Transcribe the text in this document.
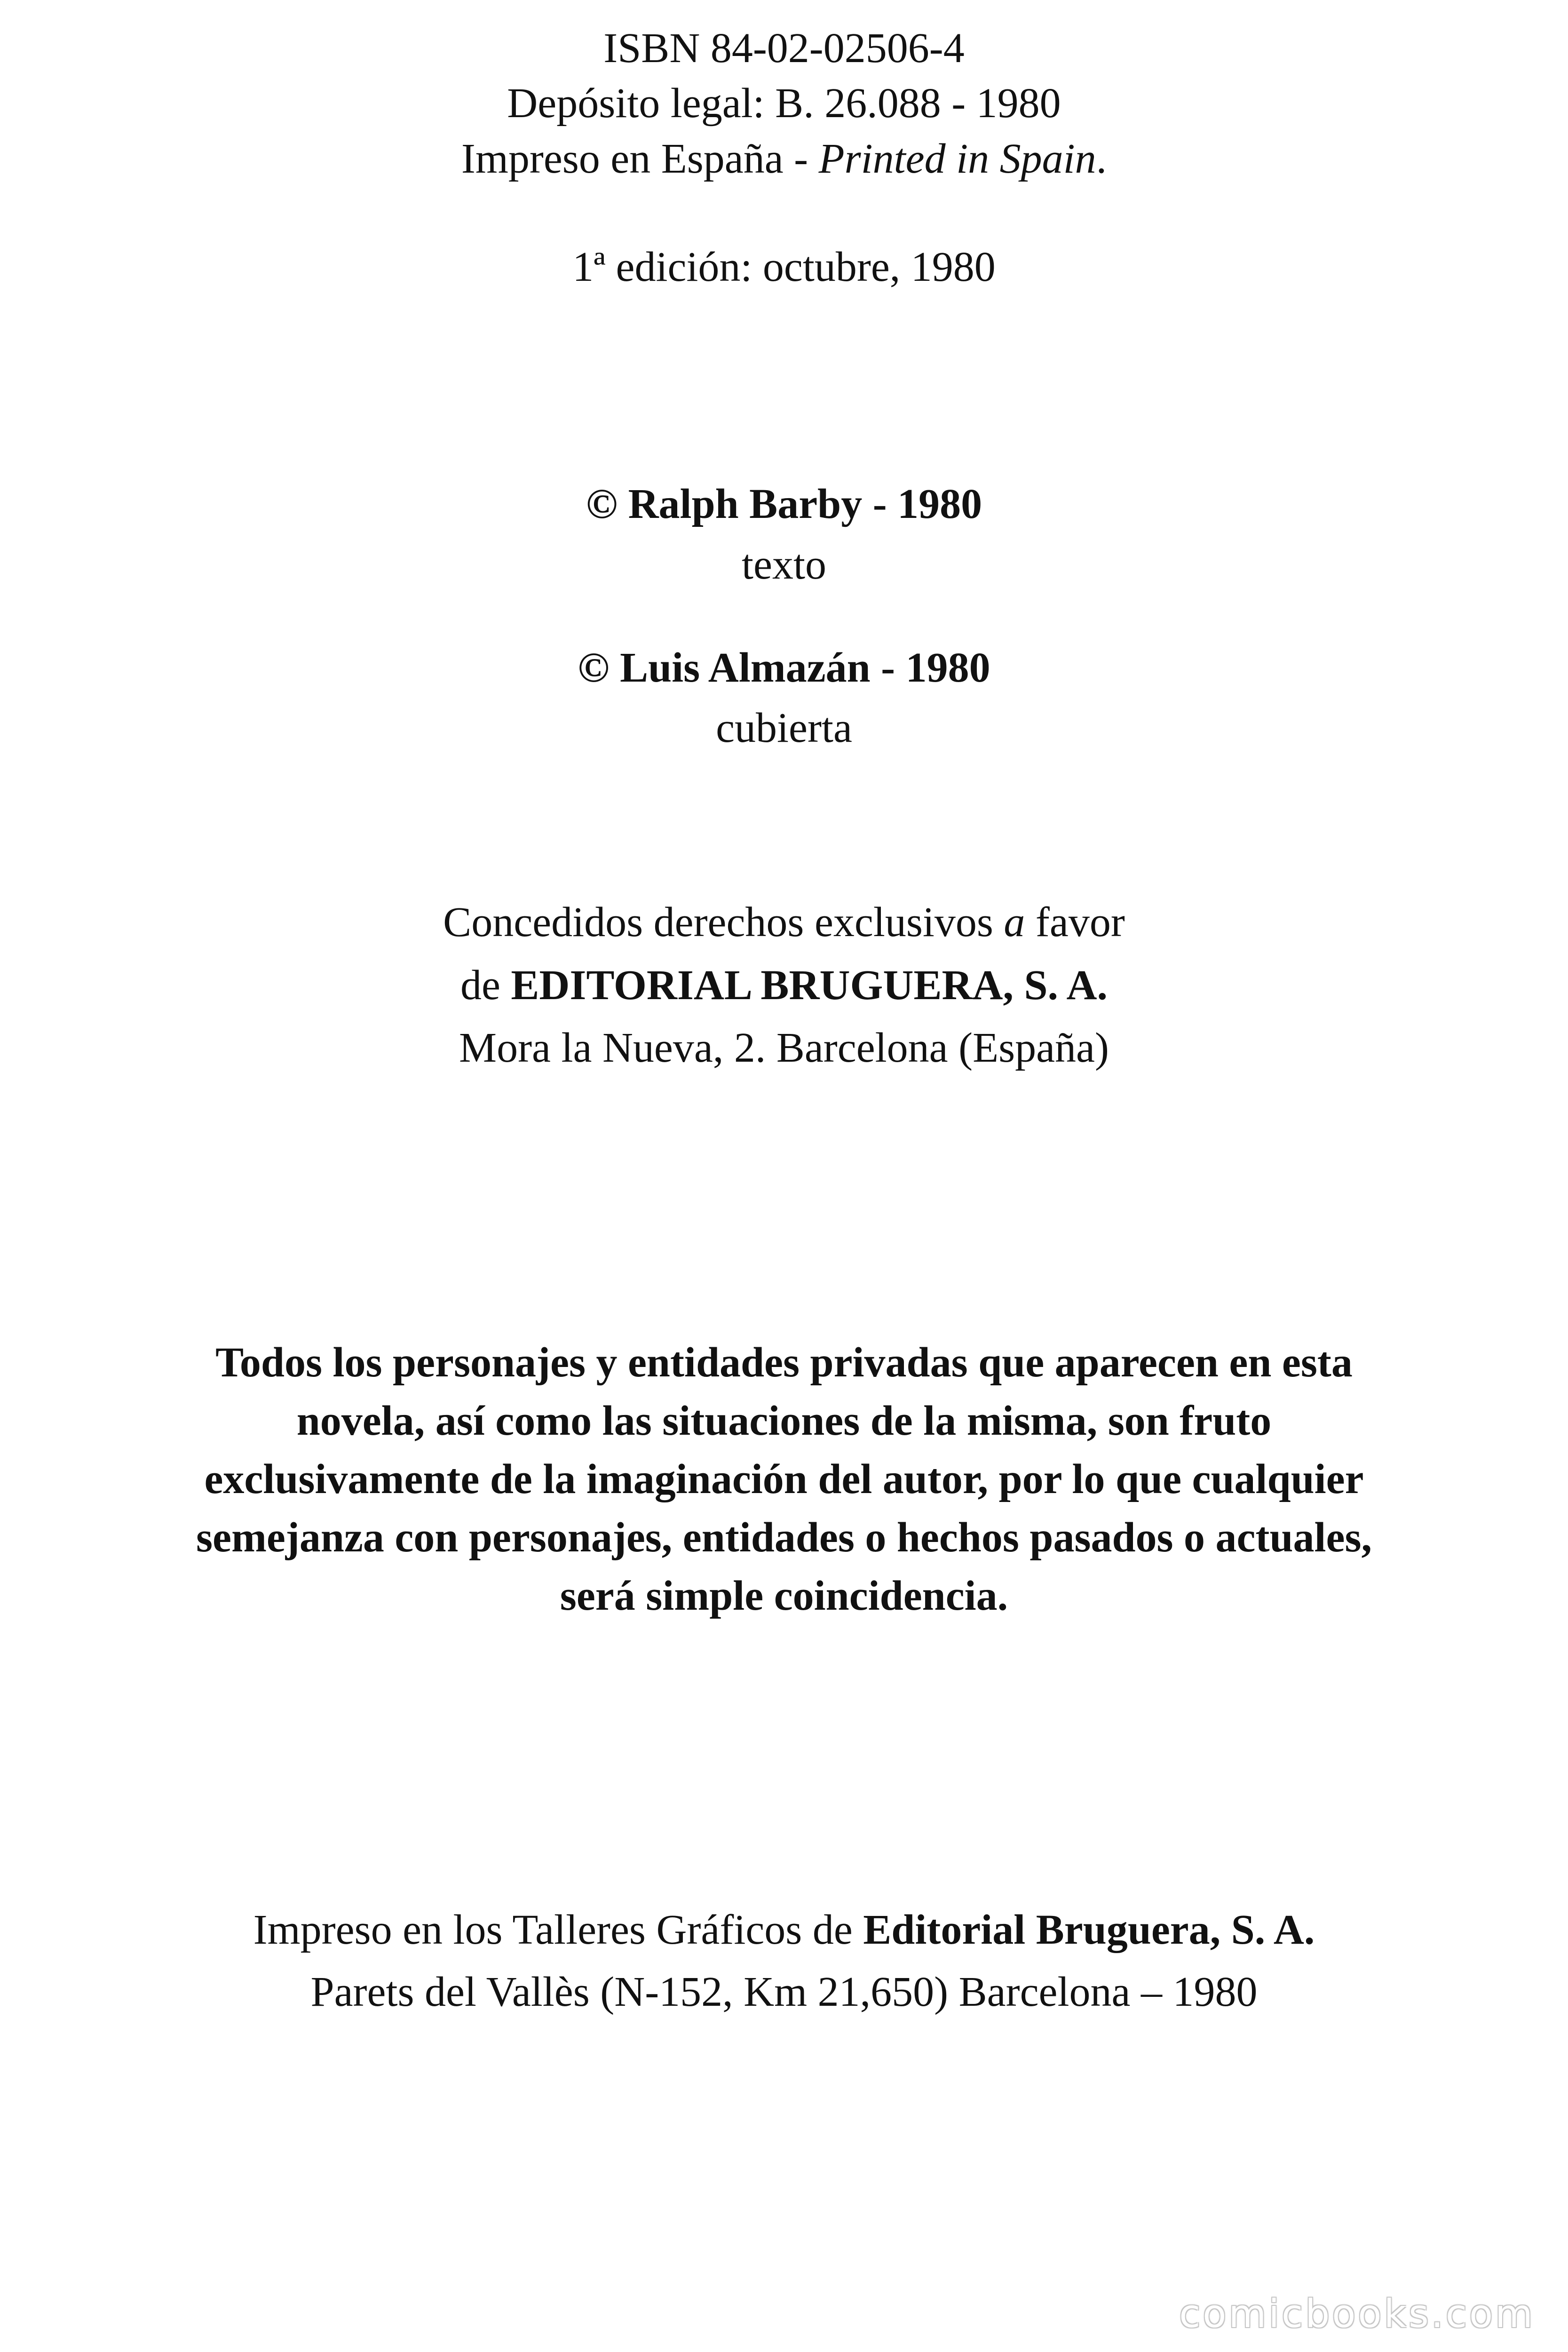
ISBN 84-02-02506-4
Depósito legal: B. 26.088 - 1980
Impreso en España - Printed in Spain.
1ª edición: octubre, 1980
© Ralph Barby - 1980
texto
© Luis Almazán - 1980
cubierta
Concedidos derechos exclusivos a favor
de EDITORIAL BRUGUERA, S. A.
Mora la Nueva, 2. Barcelona (España)
Todos los personajes y entidades privadas que aparecen en esta
novela, así como las situaciones de la misma, son fruto
exclusivamente de la imaginación del autor, por lo que cualquier
semejanza con personajes, entidades o hechos pasados o actuales,
será simple coincidencia.
Impreso en los Talleres Gráficos de Editorial Bruguera, S. A.
Parets del Vallès (N-152, Km 21,650) Barcelona – 1980
comicbooks.com
